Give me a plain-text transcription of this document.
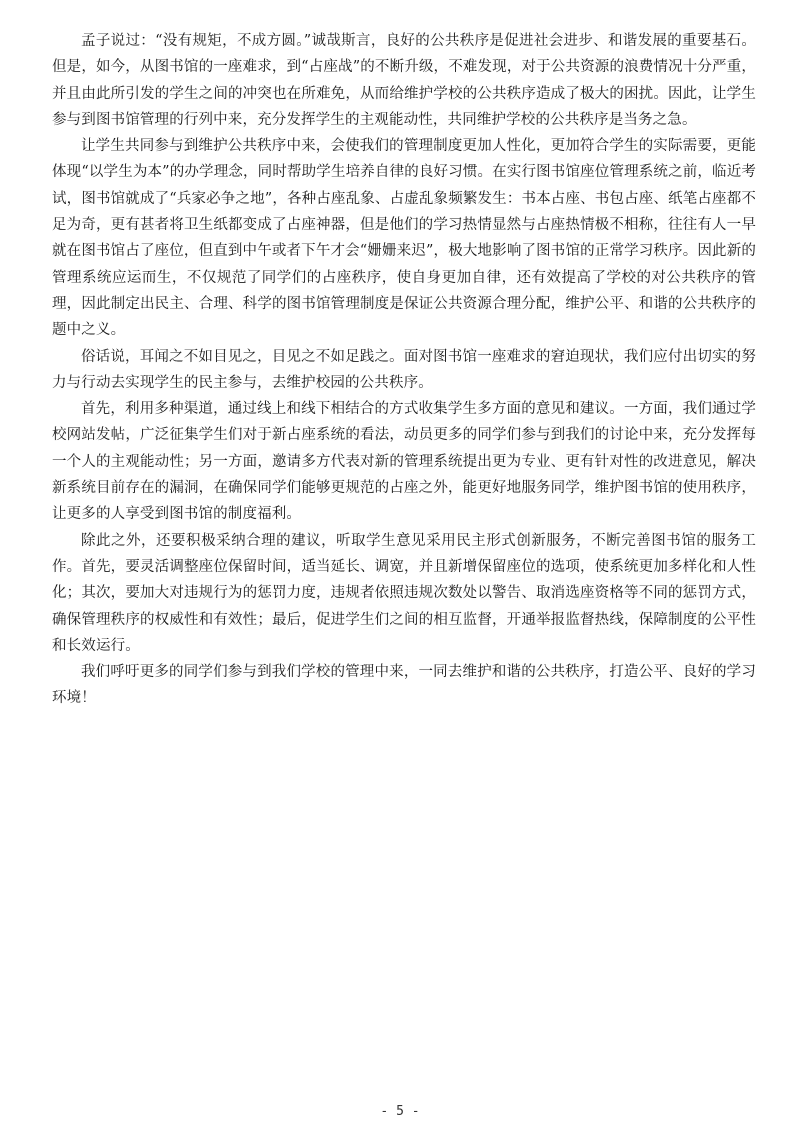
孟子说过：“没有规矩，不成方圆。”诚哉斯言，良好的公共秩序是促进社会进步、和谐发展的重要基石。但是，如今，从图书馆的一座难求，到“占座战”的不断升级，不难发现，对于公共资源的浪费情况十分严重，并且由此所引发的学生之间的冲突也在所难免，从而给维护学校的公共秩序造成了极大的困扰。因此，让学生参与到图书馆管理的行列中来，充分发挥学生的主观能动性，共同维护学校的公共秩序是当务之急。

让学生共同参与到维护公共秩序中来，会使我们的管理制度更加人性化，更加符合学生的实际需要，更能体现“以学生为本”的办学理念，同时帮助学生培养自律的良好习惯。在实行图书馆座位管理系统之前，临近考试，图书馆就成了“兵家必争之地”，各种占座乱象、占虚乱象频繁发生：书本占座、书包占座、纸笔占座都不足为奇，更有甚者将卫生纸都变成了占座神器，但是他们的学习热情显然与占座热情极不相称，往往有人一早就在图书馆占了座位，但直到中午或者下午才会“姗姗来迟”，极大地影响了图书馆的正常学习秩序。因此新的管理系统应运而生，不仅规范了同学们的占座秩序，使自身更加自律，还有效提高了学校的对公共秩序的管理，因此制定出民主、合理、科学的图书馆管理制度是保证公共资源合理分配，维护公平、和谐的公共秩序的题中之义。

俗话说，耳闻之不如目见之，目见之不如足践之。面对图书馆一座难求的窘迫现状，我们应付出切实的努力与行动去实现学生的民主参与，去维护校园的公共秩序。

首先，利用多种渠道，通过线上和线下相结合的方式收集学生多方面的意见和建议。一方面，我们通过学校网站发帖，广泛征集学生们对于新占座系统的看法，动员更多的同学们参与到我们的讨论中来，充分发挥每一个人的主观能动性；另一方面，邀请多方代表对新的管理系统提出更为专业、更有针对性的改进意见，解决新系统目前存在的漏洞，在确保同学们能够更规范的占座之外，能更好地服务同学，维护图书馆的使用秩序，让更多的人享受到图书馆的制度福利。

除此之外，还要积极采纳合理的建议，听取学生意见采用民主形式创新服务，不断完善图书馆的服务工作。首先，要灵活调整座位保留时间，适当延长、调宽，并且新增保留座位的选项，使系统更加多样化和人性化；其次，要加大对违规行为的惩罚力度，违规者依照违规次数处以警告、取消选座资格等不同的惩罚方式，确保管理秩序的权威性和有效性；最后，促进学生们之间的相互监督，开通举报监督热线，保障制度的公平性和长效运行。

我们呼吁更多的同学们参与到我们学校的管理中来，一同去维护和谐的公共秩序，打造公平、良好的学习环境！

- 5 -
